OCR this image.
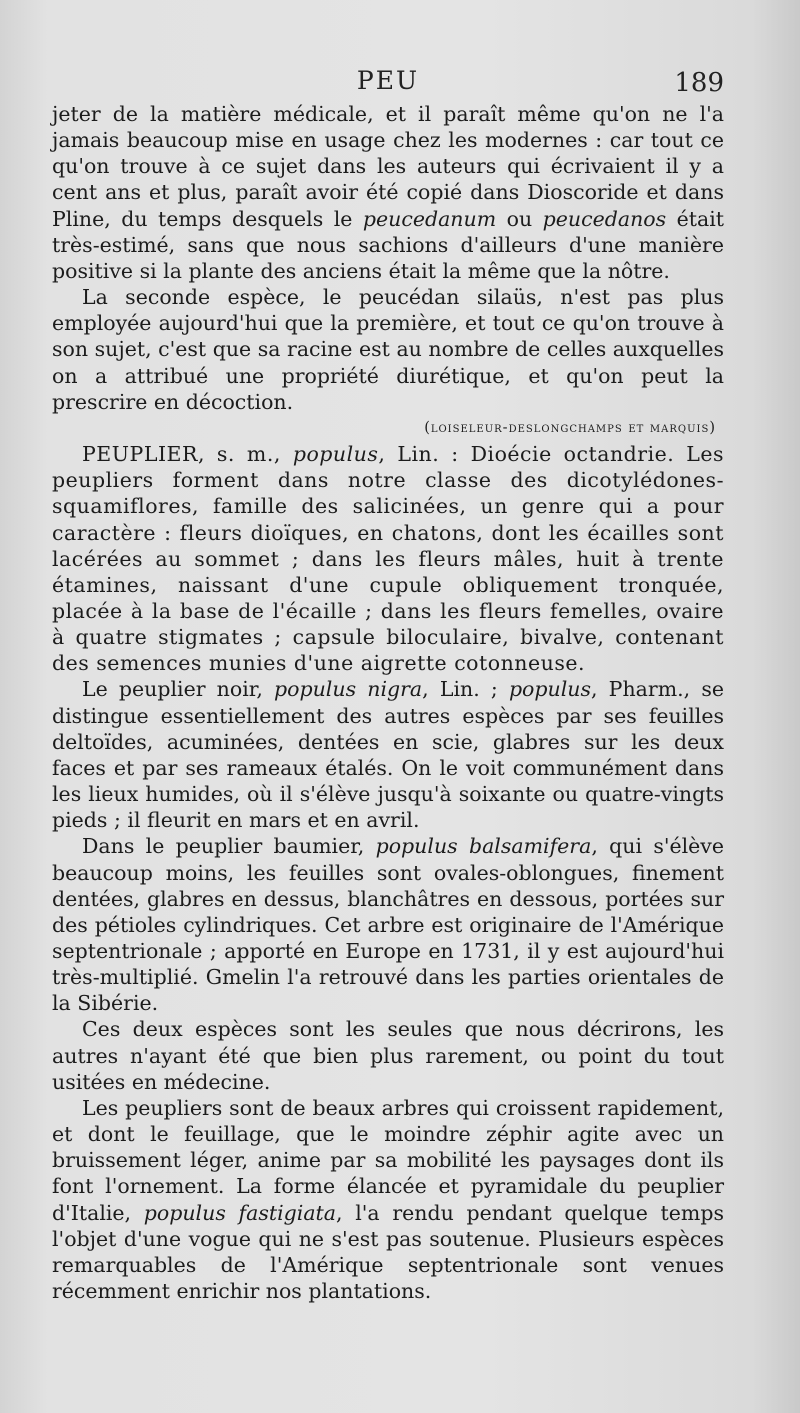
PEU	189

jeter de la matière médicale, et il paraît même qu'on ne l'a jamais beaucoup mise en usage chez les modernes : car tout ce qu'on trouve à ce sujet dans les auteurs qui écrivaient il y a cent ans et plus, paraît avoir été copié dans Dioscoride et dans Pline, du temps desquels le peucedanum ou peucedanos était très-estimé, sans que nous sachions d'ailleurs d'une manière positive si la plante des anciens était la même que la nôtre.

La seconde espèce, le peucédan silaüs, n'est pas plus employée aujourd'hui que la première, et tout ce qu'on trouve à son sujet, c'est que sa racine est au nombre de celles auxquelles on a attribué une propriété diurétique, et qu'on peut la prescrire en décoction.

(loiseleur-deslongchamps et marquis)

PEUPLIER, s. m., populus, Lin. : Dioécie octandrie. Les peupliers forment dans notre classe des dicotylédones-squamiflores, famille des salicinées, un genre qui a pour caractère : fleurs dioïques, en chatons, dont les écailles sont lacérées au sommet ; dans les fleurs mâles, huit à trente étamines, naissant d'une cupule obliquement tronquée, placée à la base de l'écaille ; dans les fleurs femelles, ovaire à quatre stigmates ; capsule biloculaire, bivalve, contenant des semences munies d'une aigrette cotonneuse.

Le peuplier noir, populus nigra, Lin. ; populus, Pharm., se distingue essentiellement des autres espèces par ses feuilles deltoïdes, acuminées, dentées en scie, glabres sur les deux faces et par ses rameaux étalés. On le voit communément dans les lieux humides, où il s'élève jusqu'à soixante ou quatre-vingts pieds ; il fleurit en mars et en avril.

Dans le peuplier baumier, populus balsamifera, qui s'élève beaucoup moins, les feuilles sont ovales-oblongues, finement dentées, glabres en dessus, blanchâtres en dessous, portées sur des pétioles cylindriques. Cet arbre est originaire de l'Amérique septentrionale ; apporté en Europe en 1731, il y est aujourd'hui très-multiplié. Gmelin l'a retrouvé dans les parties orientales de la Sibérie.

Ces deux espèces sont les seules que nous décrirons, les autres n'ayant été que bien plus rarement, ou point du tout usitées en médecine.

Les peupliers sont de beaux arbres qui croissent rapidement, et dont le feuillage, que le moindre zéphir agite avec un bruissement léger, anime par sa mobilité les paysages dont ils font l'ornement. La forme élancée et pyramidale du peuplier d'Italie, populus fastigiata, l'a rendu pendant quelque temps l'objet d'une vogue qui ne s'est pas soutenue. Plusieurs espèces remarquables de l'Amérique septentrionale sont venues récemment enrichir nos plantations.
